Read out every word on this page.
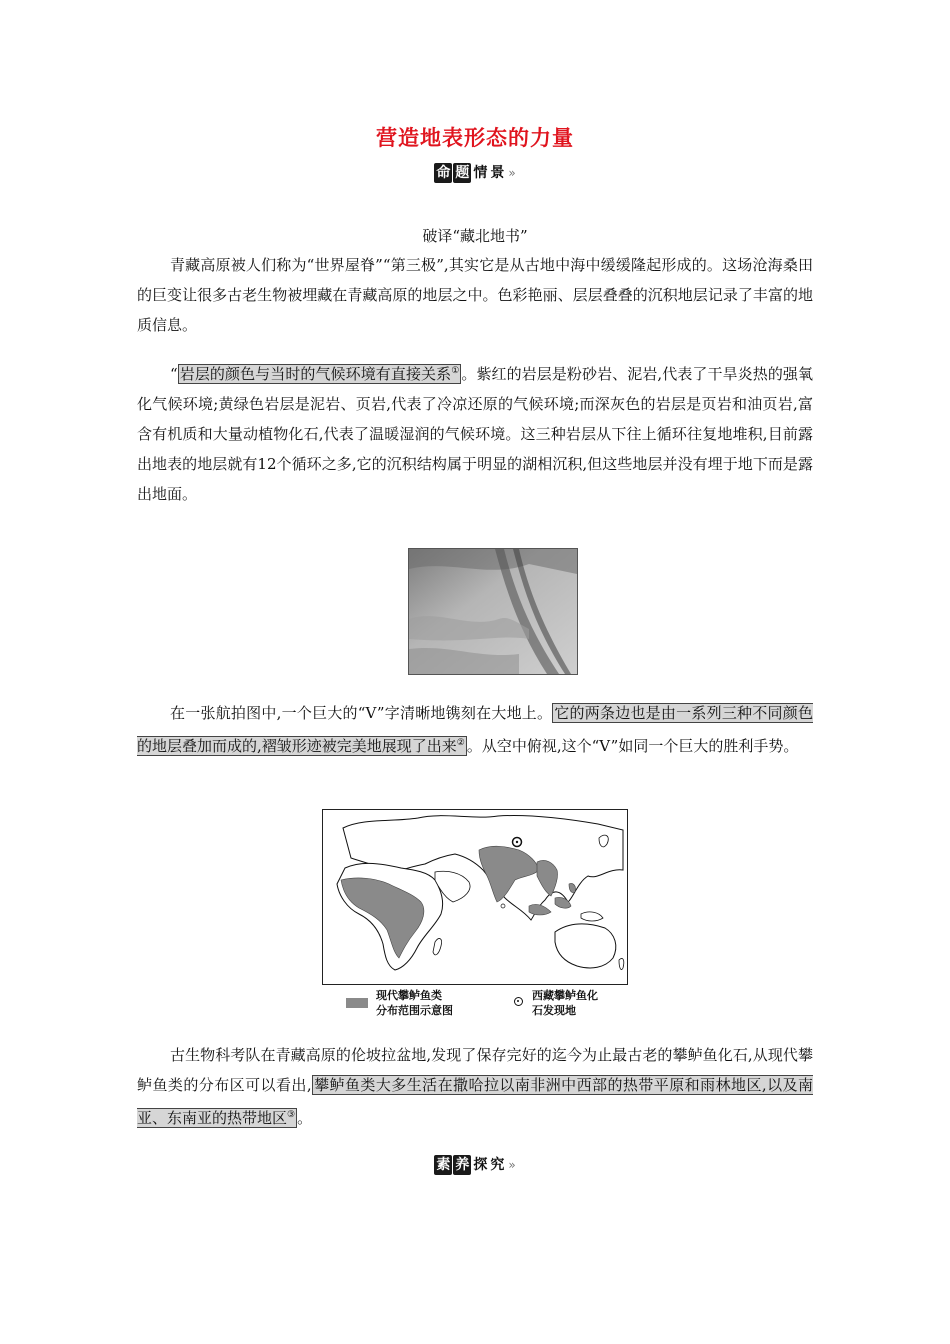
营造地表形态的力量
命 题 情 景 »
破译“藏北地书”

青藏高原被人们称为“世界屋脊”“第三极”,其实它是从古地中海中缓缓隆起形成的。这场沧海桑田的巨变让很多古老生物被埋藏在青藏高原的地层之中。色彩艳丽、层层叠叠的沉积地层记录了丰富的地质信息。

“ 岩层的颜色与当时的气候环境有直接关系① 。紫红的岩层是粉砂岩、泥岩,代表了干旱炎热的强氧化气候环境;黄绿色岩层是泥岩、页岩,代表了冷凉还原的气候环境;而深灰色的岩层是页岩和油页岩,富含有机质和大量动植物化石,代表了温暖湿润的气候环境。这三种岩层从下往上循环往复地堆积,目前露出地表的地层就有12个循环之多,它的沉积结构属于明显的湖相沉积,但这些地层并没有埋于地下而是露出地面。

在一张航拍图中,一个巨大的“V”字清晰地镌刻在大地上。 它的两条边也是由一系列三种不同颜色的地层叠加而成的,褶皱形迹被完美地展现了出来② 。从空中俯视,这个“V”如同一个巨大的胜利手势。

现代攀鲈鱼类
分布范围示意图
西藏攀鲈鱼化
石发现地

古生物科考队在青藏高原的伦坡拉盆地,发现了保存完好的迄今为止最古老的攀鲈鱼化石,从现代攀鲈鱼类的分布区可以看出, 攀鲈鱼类大多生活在撒哈拉以南非洲中西部的热带平原和雨林地区,以及南亚、东南亚的热带地区③ 。

素 养 探 究 »
